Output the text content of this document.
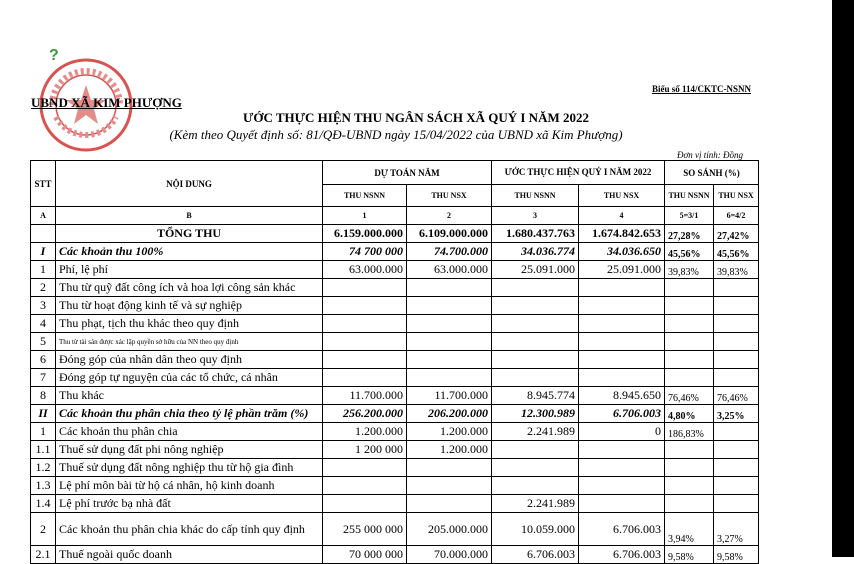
?
UBND XÃ KIM PHƯỢNG
Biểu số 114/CKTC-NSNN
ƯỚC THỰC HIỆN THU NGÂN SÁCH XÃ QUÝ I NĂM 2022
(Kèm theo Quyết định số: 81/QĐ-UBND ngày 15/04/2022 của UBND xã Kim Phượng)
Đơn vị tính: Đồng
STT	NỘI DUNG	DỰ TOÁN NĂM		ƯỚC THỰC HIỆN QUÝ I NĂM 2022		SO SÁNH (%)	
		THU NSNN	THU NSX	THU NSNN	THU NSX	THU NSNN	THU NSX
A	B	1	2	3	4	5=3/1	6=4/2
	TỔNG THU	6.159.000.000	6.109.000.000	1.680.437.763	1.674.842.653	27,28%	27,42%
I	Các khoản thu 100%	74 700 000	74.700.000	34.036.774	34.036.650	45,56%	45,56%
1	Phí, lệ phí	63.000.000	63.000.000	25.091.000	25.091.000	39,83%	39,83%
2	Thu từ quỹ đất công ích và hoa lợi công sản khác						
3	Thu từ hoạt động kinh tế và sự nghiệp						
4	Thu phạt, tịch thu khác theo quy định						
5	Thu từ tài sản được xác lập quyền sở hữu của NN theo quy định						
6	Đóng góp của nhân dân theo quy định						
7	Đóng góp tự nguyện của các tổ chức, cá nhân						
8	Thu khác	11.700.000	11.700.000	8.945.774	8.945.650	76,46%	76,46%
II	Các khoản thu phân chia theo tỷ lệ phần trăm (%)	256.200.000	206.200.000	12.300.989	6.706.003	4,80%	3,25%
1	Các khoản thu phân chia	1.200.000	1.200.000	2.241.989	0	186,83%	
1.1	Thuế sử dụng đất phi nông nghiệp	1 200 000	1.200.000				
1.2	Thuế sử dụng đất nông nghiệp thu từ hộ gia đình						
1.3	Lệ phí môn bài từ hộ cá nhân, hộ kinh doanh						
1.4	Lệ phí trước bạ nhà đất			2.241.989			
2	Các khoản thu phân chia khác do cấp tỉnh quy định	255 000 000	205.000.000	10.059.000	6.706.003	3,94%	3,27%
2.1	Thuế ngoài quốc doanh	70 000 000	70.000.000	6.706.003	6.706.003	9,58%	9,58%
